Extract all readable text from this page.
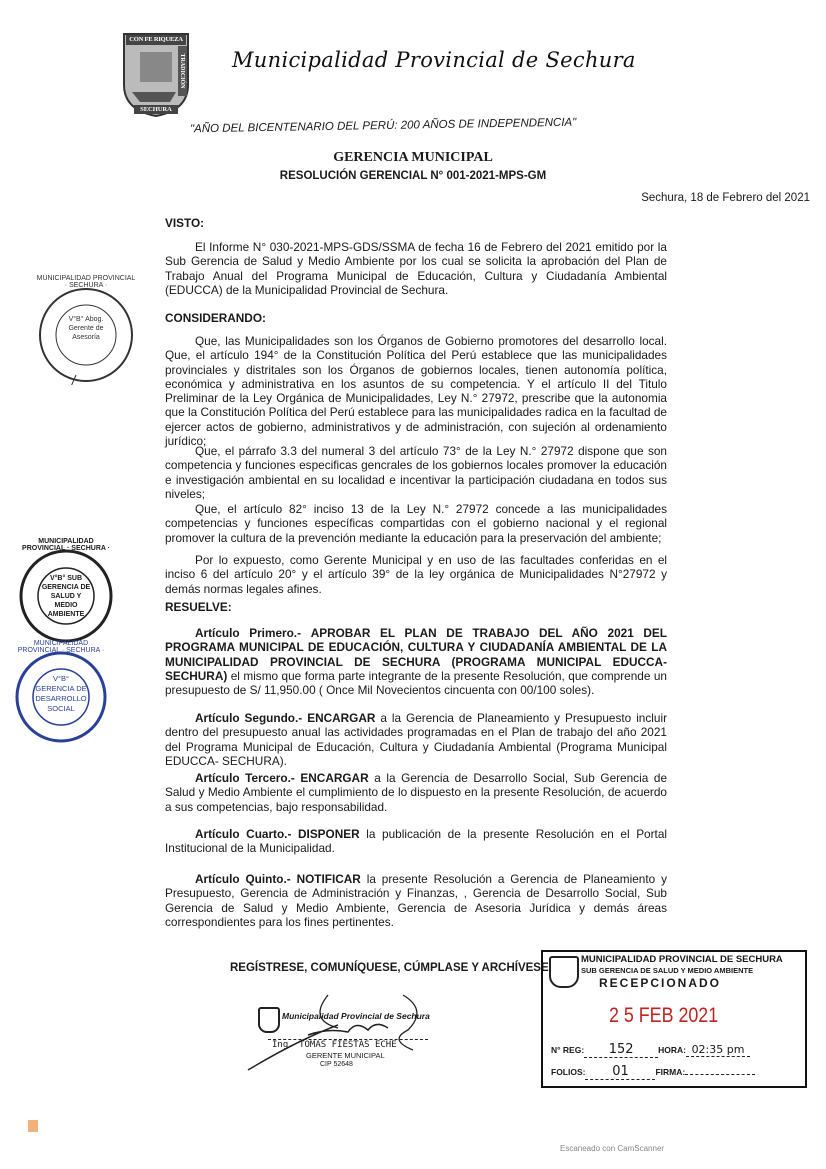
CON FE RIQUEZA
TRADICIÓN
SECHURA
Municipalidad Provincial de Sechura
"AÑO DEL BICENTENARIO DEL PERÚ: 200 AÑOS DE INDEPENDENCIA"
GERENCIA MUNICIPAL
RESOLUCIÓN GERENCIAL N° 001-2021-MPS-GM
Sechura, 18 de Febrero del 2021
VISTO:

El Informe N° 030-2021-MPS-GDS/SSMA de fecha 16 de Febrero del 2021 emitido por la Sub Gerencia de Salud y Medio Ambiente por los cual se solicita la aprobación del Plan de Trabajo Anual del Programa Municipal de Educación, Cultura y Ciudadanía Ambiental (EDUCCA) de la Municipalidad Provincial de Sechura.

CONSIDERANDO:

Que, las Municipalidades son los Órganos de Gobierno promotores del desarrollo local. Que, el artículo 194° de la Constitución Política del Perú establece que las municipalidades provinciales y distritales son los Órganos de gobiernos locales, tienen autonomía política, económica y administrativa en los asuntos de su competencia. Y el artículo II del Titulo Preliminar de la Ley Orgánica de Municipalidades, Ley N.° 27972, prescribe que la autonomia que la Constitución Política del Perú establece para las municipalidades radica en la facultad de ejercer actos de gobierno, administrativos y de administración, con sujeción al ordenamiento jurídico;

Que, el párrafo 3.3 del numeral 3 del artículo 73° de la Ley N.° 27972 dispone que son competencia y funciones especificas gencrales de los gobiernos locales promover la educación e investigación ambiental en su localidad e incentivar la participación ciudadana en todos sus niveles;

Que, el artículo 82° inciso 13 de la Ley N.° 27972 concede a las municipalidades competencias y funciones específicas compartidas con el gobierno nacional y el regional promover la cultura de la prevención mediante la educación para la preservación del ambiente;

Por lo expuesto, como Gerente Municipal y en uso de las facultades conferidas en el inciso 6 del artículo 20° y el artículo 39° de la ley orgánica de Municipalidades N°27972 y demás normas legales afines.

RESUELVE:

Artículo Primero.- APROBAR EL PLAN DE TRABAJO DEL AÑO 2021 DEL PROGRAMA MUNICIPAL DE EDUCACIÓN, CULTURA Y CIUDADANÍA AMBIENTAL DE LA MUNICIPALIDAD PROVINCIAL DE SECHURA (PROGRAMA MUNICIPAL EDUCCA- SECHURA) el mismo que forma parte integrante de la presente Resolución, que comprende un presupuesto de S/ 11,950.00 ( Once Mil Novecientos cincuenta con 00/100 soles).

Artículo Segundo.- ENCARGAR a la Gerencia de Planeamiento y Presupuesto incluir dentro del presupuesto anual las actividades programadas en el Plan de trabajo del año 2021 del Programa Municipal de Educación, Cultura y Ciudadanía Ambiental (Programa Municipal EDUCCA- SECHURA).

Artículo Tercero.- ENCARGAR a la Gerencia de Desarrollo Social, Sub Gerencia de Salud y Medio Ambiente el cumplimiento de lo dispuesto en la presente Resolución, de acuerdo a sus competencias, bajo responsabilidad.

Artículo Cuarto.- DISPONER la publicación de la presente Resolución en el Portal Institucional de la Municipalidad.

Artículo Quinto.- NOTIFICAR la presente Resolución a Gerencia de Planeamiento y Presupuesto, Gerencia de Administración y Finanzas, , Gerencia de Desarrollo Social, Sub Gerencia de Salud y Medio Ambiente, Gerencia de Asesoria Jurídica y demás áreas correspondientes para los fines pertinentes.

REGÍSTRESE, COMUNÍQUESE, CÚMPLASE Y ARCHÍVESE.
Municipalidad Provincial de Sechura
Ing. TOMAS FIESTAS ECHE
GERENTE MUNICIPAL
CIP 52648
MUNICIPALIDAD PROVINCIAL DE SECHURA
SUB GERENCIA DE SALUD Y MEDIO AMBIENTE
RECEPCIONADO
2 5 FEB 2021
N° REG: 152	HORA: 02:35 pm
FOLIOS: 01	FIRMA:
V°B° Abog. Gerente de Asesoría
MUNICIPALIDAD PROVINCIAL · SECHURA ·
V°B° SUB GERENCIA DE SALUD Y MEDIO AMBIENTE
MUNICIPALIDAD PROVINCIAL · SECHURA ·
V°B° GERENCIA DE DESARROLLO SOCIAL
MUNICIPALIDAD PROVINCIAL · SECHURA ·
Escaneado con CamScanner
